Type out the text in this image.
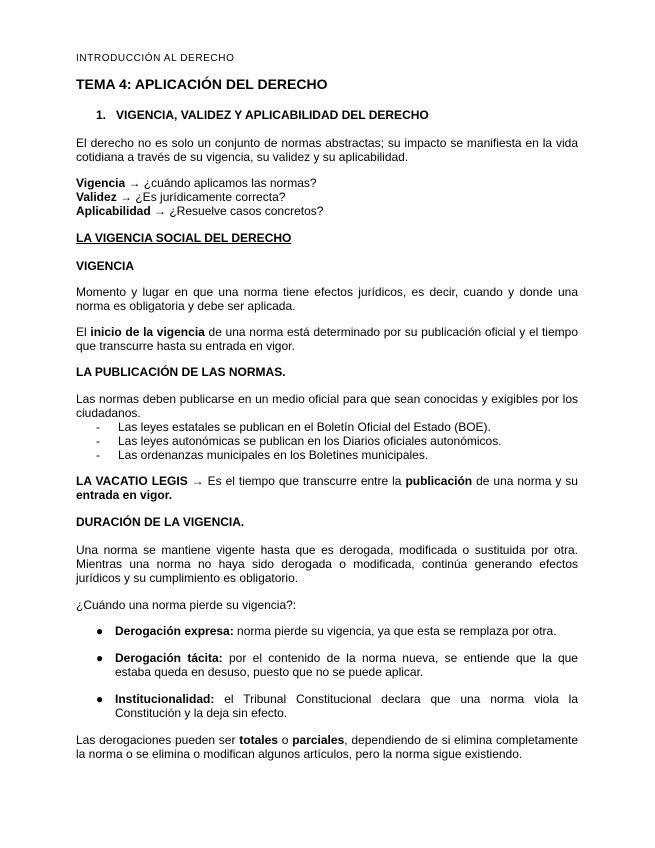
INTRODUCCIÓN AL DERECHO
TEMA 4: APLICACIÓN DEL DERECHO
1. VIGENCIA, VALIDEZ Y APLICABILIDAD DEL DERECHO
El derecho no es solo un conjunto de normas abstractas; su impacto se manifiesta en la vida cotidiana a través de su vigencia, su validez y su aplicabilidad.
Vigencia → ¿cuándo aplicamos las normas?
Validez → ¿Es jurídicamente correcta?
Aplicabilidad → ¿Resuelve casos concretos?
LA VIGENCIA SOCIAL DEL DERECHO
VIGENCIA
Momento y lugar en que una norma tiene efectos jurídicos, es decir, cuando y donde una norma es obligatoria y debe ser aplicada.
El inicio de la vigencia de una norma está determinado por su publicación oficial y el tiempo que transcurre hasta su entrada en vigor.
LA PUBLICACIÓN DE LAS NORMAS.
Las normas deben publicarse en un medio oficial para que sean conocidas y exigibles por los ciudadanos.
- Las leyes estatales se publican en el Boletín Oficial del Estado (BOE).
- Las leyes autonómicas se publican en los Diarios oficiales autonómicos.
- Las ordenanzas municipales en los Boletines municipales.
LA VACATIO LEGIS → Es el tiempo que transcurre entre la publicación de una norma y su entrada en vigor.
DURACIÓN DE LA VIGENCIA.
Una norma se mantiene vigente hasta que es derogada, modificada o sustituida por otra. Mientras una norma no haya sido derogada o modificada, continúa generando efectos jurídicos y su cumplimiento es obligatorio.
¿Cuándo una norma pierde su vigencia?:
● Derogación expresa: norma pierde su vigencia, ya que esta se remplaza por otra.
● Derogación tácita: por el contenido de la norma nueva, se entiende que la que estaba queda en desuso, puesto que no se puede aplicar.
● Institucionalidad: el Tribunal Constitucional declara que una norma viola la Constitución y la deja sin efecto.
Las derogaciones pueden ser totales o parciales, dependiendo de si elimina completamente la norma o se elimina o modifican algunos artículos, pero la norma sigue existiendo.
